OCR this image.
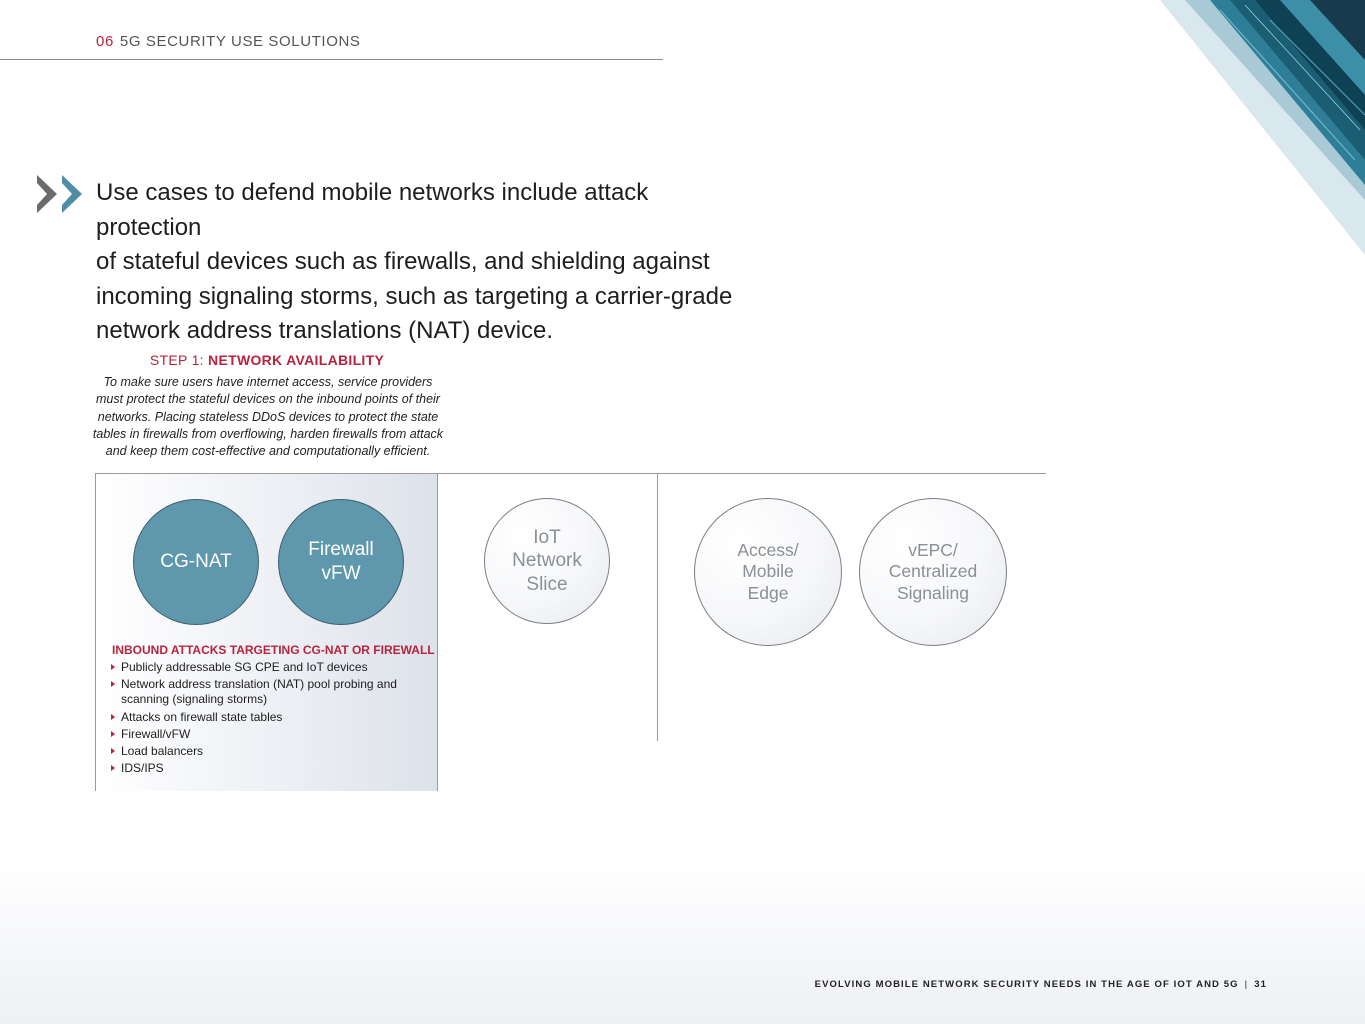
06 5G SECURITY USE SOLUTIONS
Use cases to defend mobile networks include attack protection
of stateful devices such as firewalls, and shielding against
incoming signaling storms, such as targeting a carrier-grade
network address translations (NAT) device.
STEP 1: NETWORK AVAILABILITY
To make sure users have internet access, service providers
must protect the stateful devices on the inbound points of their
networks. Placing stateless DDoS devices to protect the state
tables in firewalls from overflowing, harden firewalls from attack
and keep them cost-effective and computationally efficient.
CG-NAT
Firewall
vFW
IoT
Network
Slice
Access/
Mobile
Edge
vEPC/
Centralized
Signaling
INBOUND ATTACKS TARGETING CG-NAT OR FIREWALL
Publicly addressable SG CPE and IoT devices
Network address translation (NAT) pool probing and scanning (signaling storms)
Attacks on firewall state tables
Firewall/vFW
Load balancers
IDS/IPS
EVOLVING MOBILE NETWORK SECURITY NEEDS IN THE AGE OF IOT AND 5G | 31
